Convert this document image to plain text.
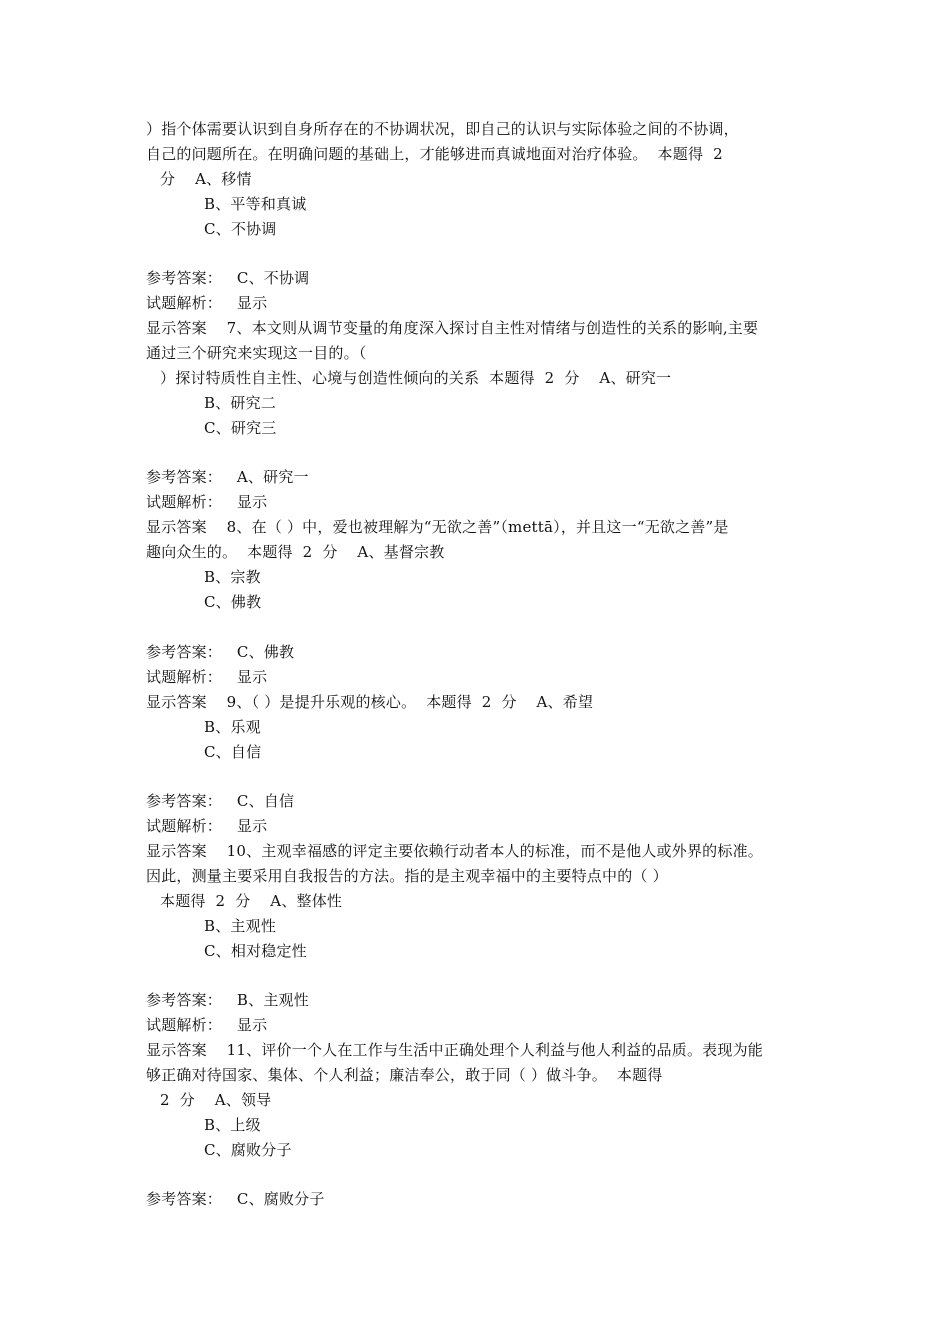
）指个体需要认识到自身所存在的不协调状况，即自己的认识与实际体验之间的不协调，
自己的问题所在。在明确问题的基础上，才能够进而真诚地面对治疗体验。  本题得  2
分    A、移情
B、平等和真诚
C、不协调
参考答案：   C、不协调
试题解析：   显示
显示答案    7、本文则从调节变量的角度深入探讨自主性对情绪与创造性的关系的影响,主要
通过三个研究来实现这一目的。（
）探讨特质性自主性、心境与创造性倾向的关系  本题得  2  分    A、研究一
B、研究二
C、研究三
参考答案：   A、研究一
试题解析：   显示
显示答案    8、在（ ）中，爱也被理解为“无欲之善”（mettā），并且这一“无欲之善”是
趣向众生的。  本题得  2  分    A、基督宗教
B、宗教
C、佛教
参考答案：   C、佛教
试题解析：   显示
显示答案    9、（ ）是提升乐观的核心。  本题得  2  分    A、希望
B、乐观
C、自信
参考答案：   C、自信
试题解析：   显示
显示答案    10、主观幸福感的评定主要依赖行动者本人的标准，而不是他人或外界的标准。
因此，测量主要采用自我报告的方法。指的是主观幸福中的主要特点中的（ ）
本题得  2  分    A、整体性
B、主观性
C、相对稳定性
参考答案：   B、主观性
试题解析：   显示
显示答案    11、评价一个人在工作与生活中正确处理个人利益与他人利益的品质。表现为能
够正确对待国家、集体、个人利益；廉洁奉公，敢于同（ ）做斗争。  本题得
2  分    A、领导
B、上级
C、腐败分子
参考答案：   C、腐败分子
